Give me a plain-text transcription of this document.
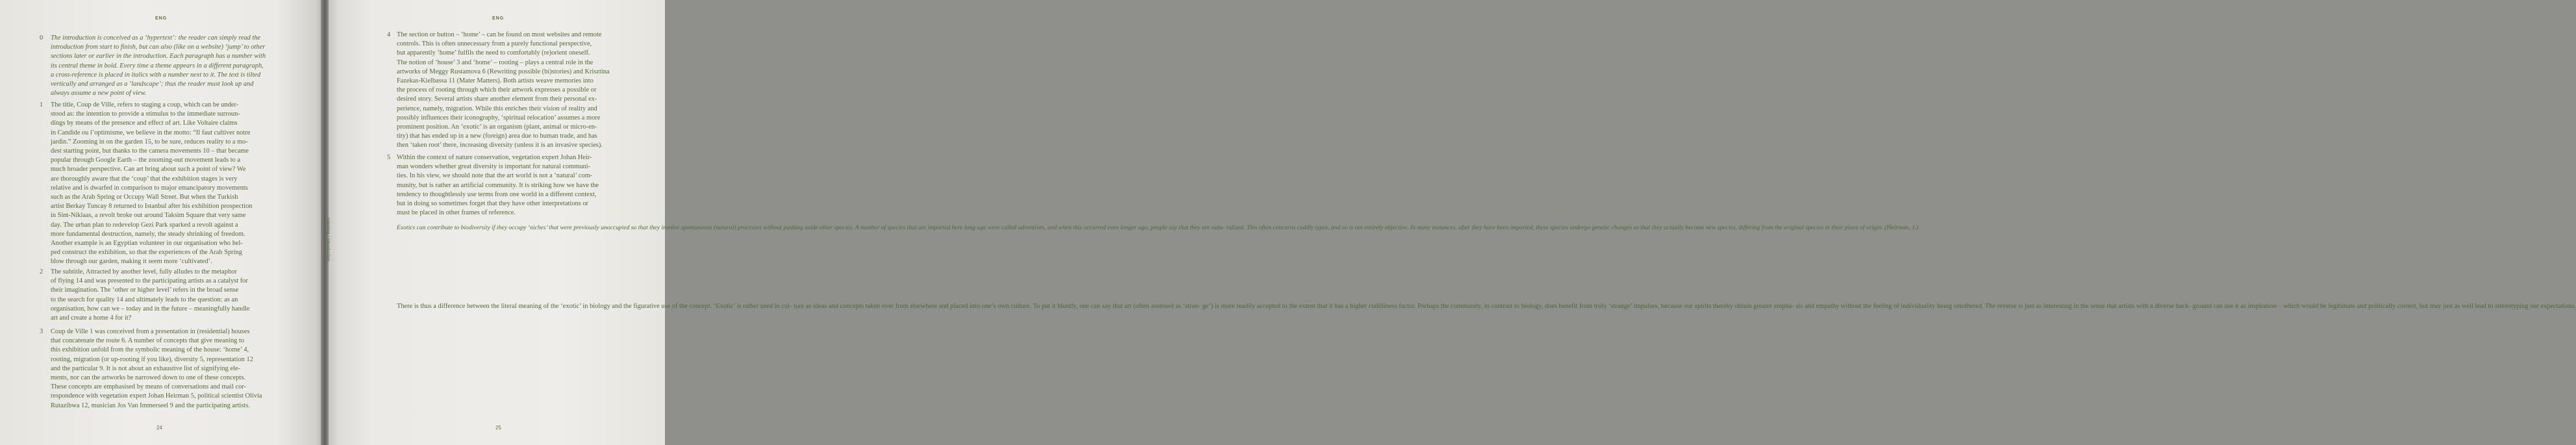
ENG
0 The introduction is conceived as a ‘hypertext’: the reader can simply read the
introduction from start to finish, but can also (like on a website) ‘jump’ to other
sections later or earlier in the introduction. Each paragraph has a number with
its central theme in bold. Every time a theme appears in a different paragraph,
a cross-reference is placed in italics with a number next to it. The text is tilted
vertically and arranged as a ‘landscape’; thus the reader must look up and
always assume a new point of view.
1 The title, Coup de Ville, refers to staging a coup, which can be under-
stood as: the intention to provide a stimulus to the immediate surroun-
dings by means of the presence and effect of art. Like Voltaire claims
in Candide ou l’optimisme, we believe in the motto: “Il faut cultiver notre
jardin.” Zooming in on the garden 15, to be sure, reduces reality to a mo-
dest starting point, but thanks to the camera movements 10 – that became
popular through Google Earth – the zooming-out movement leads to a
much broader perspective. Can art bring about such a point of view? We
are thoroughly aware that the ‘coup’ that the exhibition stages is very
relative and is dwarfed in comparison to major emancipatory movements
such as the Arab Spring or Occupy Wall Street. But when the Turkish
artist Berkay Tuncay 8 returned to Istanbul after his exhibition prospection
in Sint-Niklaas, a revolt broke out around Taksim Square that very same
day. The urban plan to redevelop Gezi Park sparked a revolt against a
more fundamental destruction, namely, the steady shrinking of freedom.
Another example is an Egyptian volunteer in our organisation who hel-
ped construct the exhibition, so that the experiences of the Arab Spring
blow through our garden, making it seem more ‘cultivated’.
2 The subtitle, Attracted by another level, fully alludes to the metaphor
of flying 14 and was presented to the participating artists as a catalyst for
their imagination. The ‘other or higher level’ refers in the broad sense
to the search for quality 14 and ultimately leads to the question: as an
organisation, how can we – today and in the future – meaningfully handle
art and create a home 4 for it?
3 Coup de Ville 1 was conceived from a presentation in (residential) houses
that concatenate the route 6. A number of concepts that give meaning to
this exhibition unfold from the symbolic meaning of the house: ‘home’ 4,
rooting, migration (or up-rooting if you like), diversity 5, representation 12
and the particular 9. It is not about an exhaustive list of signifying ele-
ments, nor can the artworks be narrowed down to one of these concepts.
These concepts are emphasised by means of conversations and mail cor-
respondence with vegetation expert Johan Heirman 5, political scientist Olivia
Rutazibwa 12, musician Jos Van Immerseel 9 and the participating artists.
24
ENG
4 The section or button – ‘home’ – can be found on most websites and remote
controls. This is often unnecessary from a purely functional perspective,
but apparently ‘home’ fulfils the need to comfortably (re)orient oneself.
The notion of ‘house’ 3 and ‘home’ – rooting – plays a central role in the
artworks of Meggy Rustamova 6 (Rewriting possible (bi)stories) and Krisztina
Fazekas-Kielbassa 11 (Mater Matters). Both artists weave memories into
the process of rooting through which their artwork expresses a possible or
desired story. Several artists share another element from their personal ex-
perience, namely, migration. While this enriches their vision of reality and
possibly influences their iconography, ‘spiritual relocation’ assumes a more
prominent position. An ‘exotic’ is an organism (plant, animal or micro-en-
tity) that has ended up in a new (foreign) area due to human trade, and has
then ‘taken root’ there, increasing diversity (unless it is an invasive species).
5 Within the context of nature conservation, vegetation expert Johan Heir-
man wonders whether great diversity is important for natural communi-
ties. In his view, we should note that the art world is not a ‘natural’ com-
munity, but is rather an artificial community. It is striking how we have the
tendency to thoughtlessly use terms from one world in a different context,
but in doing so sometimes forget that they have other interpretations or
must be placed in other frames of reference.
Exotics can contribute to biodiversity if they occupy ‘niches’ that were previously unoccupied so that they involve spontaneous (natural) processes without pushing aside other species. A number of species that are imported here long ago were called adventives, and when this occurred even longer ago, people say that they are natu- ralised. This often concerns cuddly types, and so is not entirely objective. In many instances, after they have been imported, these species undergo genetic changes so that they actually become new species, differing from the original species in their place of origin. (Heirman, J.)
There is thus a difference between the literal meaning of the ‘exotic’ in biology and the figurative use of the concept. ‘Exotic’ is rather used in cul- ture as ideas and concepts taken over from elsewhere and placed into one’s own culture. To put it bluntly, one can say that art (often assessed as ‘stran- ge’) is more readily accepted to the extent that it has a higher cuddliness factor. Perhaps the community, in contrast to biology, does benefit from truly ‘strange’ impulses, because our spirits thereby obtain greater empha- sis and empathy without the feeling of individuality being smothered. The reverse is just as interesting in the sense that artists with a diverse back- ground can use it as inspiration – which would be legitimate and politically correct, but may just as well lead to stereotyping our expectations.
25
